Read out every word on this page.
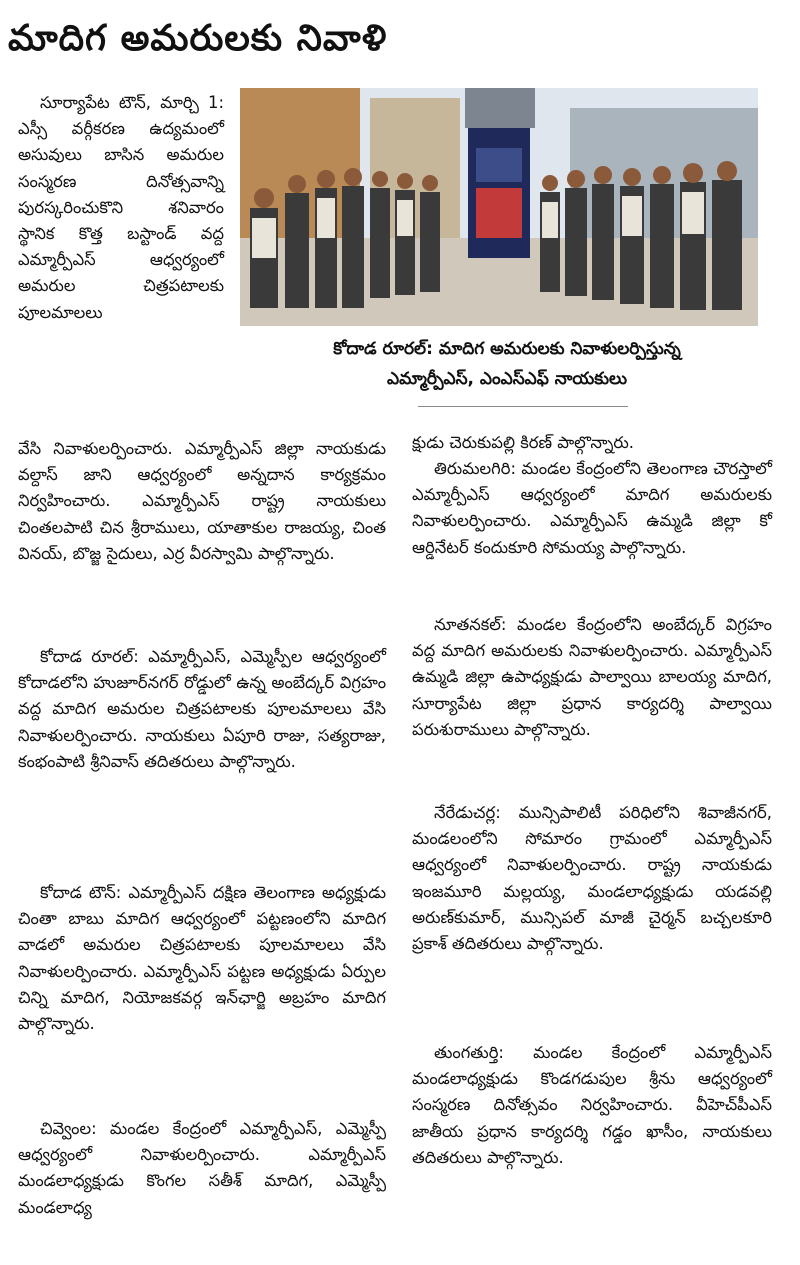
మాదిగ అమరులకు నివాళి
కోదాడ రూరల్‌: మాదిగ అమరులకు నివాళులర్పిస్తున్న
ఎమ్మార్పీఎస్‌, ఎంఎస్‌ఎఫ్‌ నాయకులు

సూర్యాపేట టౌన్‌, మార్చి 1: ఎస్సీ వర్గీకరణ ఉద్యమంలో అసువులు బాసిన అమరుల సంస్మరణ దినోత్సవాన్ని పురస్కరించుకొని శనివారం స్థానిక కొత్త బస్టాండ్‌ వద్ద ఎమ్మార్పీఎస్‌ ఆధ్వర్యంలో అమరుల చిత్రపటాలకు పూలమాలలు

వేసి నివాళులర్పించారు. ఎమ్మార్పీఎస్‌ జిల్లా నాయకుడు వల్దాస్‌ జాని ఆధ్వర్యంలో అన్నదాన కార్యక్రమం నిర్వహించారు. ఎమ్మార్పీఎస్‌ రాష్ట్ర నాయకులు చింతలపాటి చిన శ్రీరాములు, యాతాకుల రాజయ్య, చింత వినయ్‌, బొజ్జ సైదులు, ఎర్ర వీరస్వామి పాల్గొన్నారు.

కోదాడ రూరల్‌: ఎమ్మార్పీఎస్‌, ఎమ్మెస్పీల ఆధ్వర్యంలో కోదాడలోని హుజూర్‌నగర్‌ రోడ్డులో ఉన్న అంబేద్కర్‌ విగ్రహం వద్ద మాదిగ అమరుల చిత్రపటాలకు పూలమాలలు వేసి నివాళులర్పించారు. నాయకులు ఏపూరి రాజు, సత్యరాజు, కంభంపాటి శ్రీనివాస్‌ తదితరులు పాల్గొన్నారు.

కోదాడ టౌన్‌: ఎమ్మార్పీఎస్‌ దక్షిణ తెలంగాణ అధ్యక్షుడు చింతా బాబు మాదిగ ఆధ్వర్యంలో పట్టణంలోని మాదిగ వాడలో అమరుల చిత్రపటాలకు పూలమాలలు వేసి నివాళులర్పించారు. ఎమ్మార్పీఎస్‌ పట్టణ అధ్యక్షుడు ఏర్పుల చిన్ని మాదిగ, నియోజకవర్గ ఇన్‌ఛార్జి అబ్రహం మాదిగ పాల్గొన్నారు.

చివ్వెంల: మండల కేంద్రంలో ఎమ్మార్పీఎస్‌, ఎమ్మెస్పీ ఆధ్వర్యంలో నివాళులర్పించారు. ఎమ్మార్పీఎస్‌ మండలాధ్యక్షుడు కొంగల సతీశ్‌ మాదిగ, ఎమ్మెస్పీ మండలాధ్య

క్షుడు చెరుకుపల్లి కిరణ్‌ పాల్గొన్నారు.

తిరుమలగిరి: మండల కేంద్రంలోని తెలంగాణ చౌరస్తాలో ఎమ్మార్పీఎస్‌ ఆధ్వర్యంలో మాదిగ అమరులకు నివాళులర్పించారు. ఎమ్మార్పీఎస్‌ ఉమ్మడి జిల్లా కో ఆర్డినేటర్‌ కందుకూరి సోమయ్య పాల్గొన్నారు.

నూతనకల్‌: మండల కేంద్రంలోని అంబేద్కర్‌ విగ్రహం వద్ద మాదిగ అమరులకు నివాళులర్పించారు. ఎమ్మార్పీఎస్‌ ఉమ్మడి జిల్లా ఉపాధ్యక్షుడు పాల్వాయి బాలయ్య మాదిగ, సూర్యాపేట జిల్లా ప్రధాన కార్యదర్శి పాల్వాయి పరుశురాములు పాల్గొన్నారు.

నేరేడుచర్ల: మున్సిపాలిటీ పరిధిలోని శివాజీనగర్‌, మండలంలోని సోమారం గ్రామంలో ఎమ్మార్పీఎస్‌ ఆధ్వర్యంలో నివాళులర్పించారు. రాష్ట్ర నాయకుడు ఇంజమూరి మల్లయ్య, మండలాధ్యక్షుడు యడవల్లి అరుణ్‌కుమార్‌, మున్సిపల్‌ మాజీ చైర్మన్‌ బచ్చలకూరి ప్రకాశ్‌ తదితరులు పాల్గొన్నారు.

తుంగతుర్తి: మండల కేంద్రంలో ఎమ్మార్పీఎస్‌ మండలాధ్యక్షుడు కొండగడుపుల శ్రీను ఆధ్వర్యంలో సంస్మరణ దినోత్సవం నిర్వహించారు. వీహెచ్‌పీఎస్‌ జాతీయ ప్రధాన కార్యదర్శి గడ్డం ఖాసీం, నాయకులు తదితరులు పాల్గొన్నారు.
